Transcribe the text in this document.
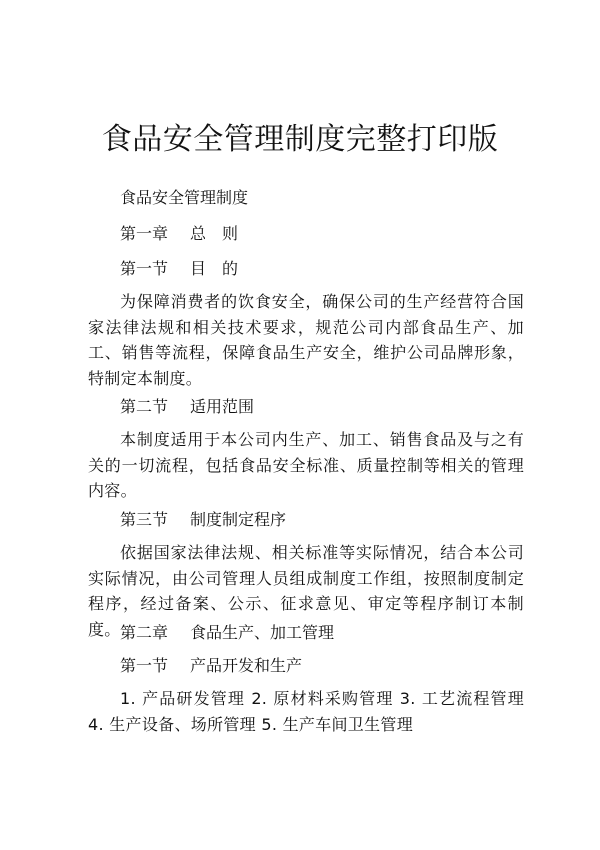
食品安全管理制度完整打印版

食品安全管理制度

第一章 总　则

第一节 目　的

为保障消费者的饮食安全，确保公司的生产经营符合国家法律法规和相关技术要求，规范公司内部食品生产、加工、销售等流程，保障食品生产安全，维护公司品牌形象，特制定本制度。

第二节 适用范围

本制度适用于本公司内生产、加工、销售食品及与之有关的一切流程，包括食品安全标准、质量控制等相关的管理内容。

第三节 制度制定程序

依据国家法律法规、相关标准等实际情况，结合本公司实际情况，由公司管理人员组成制度工作组，按照制度制定程序，经过备案、公示、征求意见、审定等程序制订本制度。 第二章 食品生产、加工管理

第一节 产品开发和生产

1. 产品研发管理 2. 原材料采购管理 3. 工艺流程管理 4. 生产设备、场所管理 5. 生产车间卫生管理
